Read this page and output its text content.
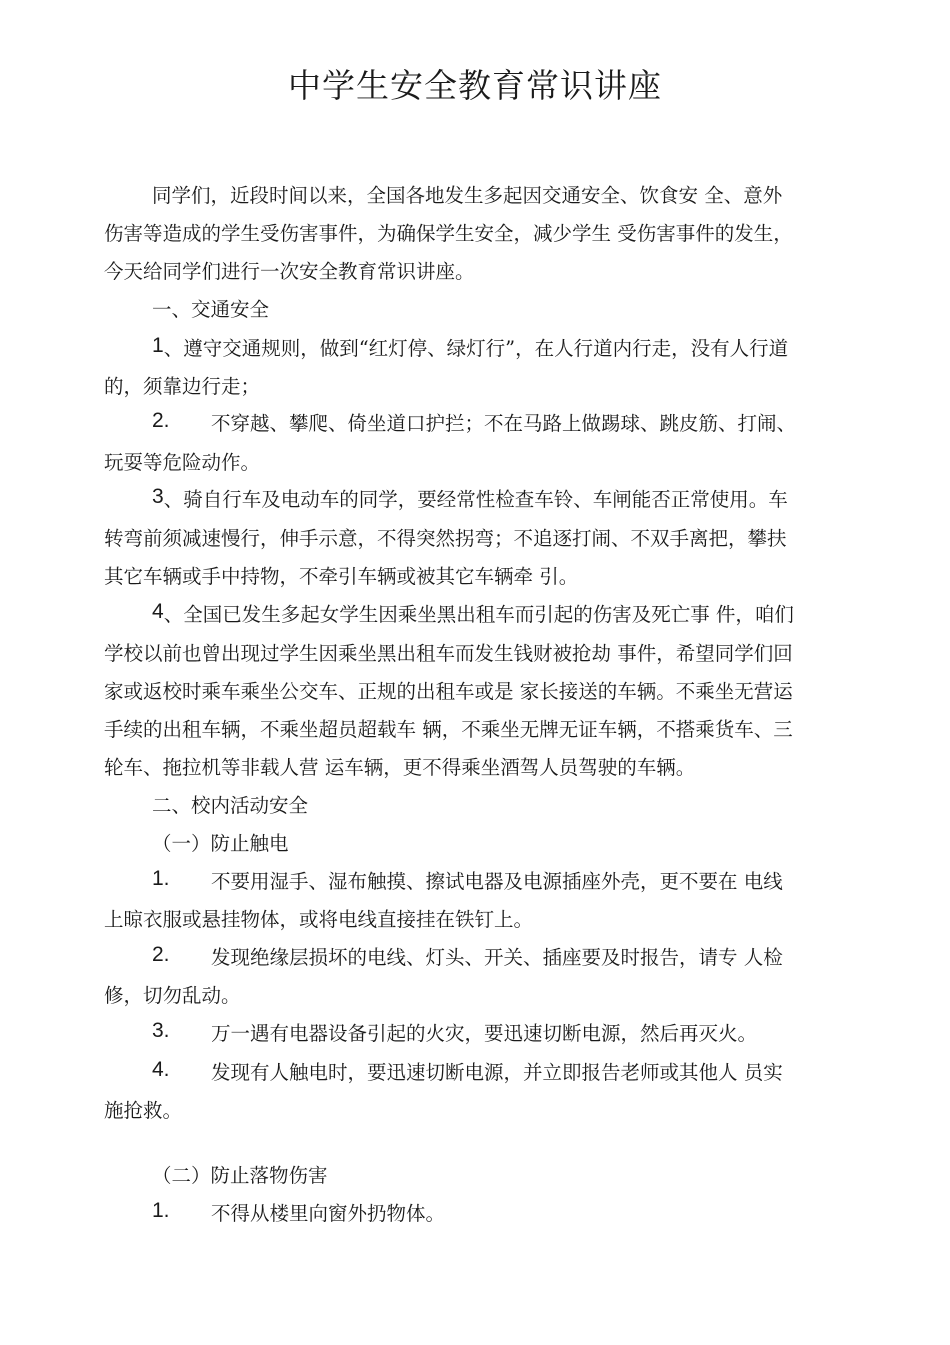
中学生安全教育常识讲座
同学们，近段时间以来，全国各地发生多起因交通安全、饮食安 全、意外
伤害等造成的学生受伤害事件，为确保学生安全，减少学生 受伤害事件的发生，
今天给同学们进行一次安全教育常识讲座。
一、交通安全
1、遵守交通规则，做到“红灯停、绿灯行”，在人行道内行走，没有人行道
的，须靠边行走；
2. 不穿越、攀爬、倚坐道口护拦；不在马路上做踢球、跳皮筋、打闹、
玩耍等危险动作。
3、骑自行车及电动车的同学，要经常性检查车铃、车闸能否正常使用。车
转弯前须减速慢行，伸手示意，不得突然拐弯；不追逐打闹、不双手离把，攀扶
其它车辆或手中持物，不牵引车辆或被其它车辆牵 引。
4、全国已发生多起女学生因乘坐黑出租车而引起的伤害及死亡事 件，咱们
学校以前也曾出现过学生因乘坐黑出租车而发生钱财被抢劫 事件，希望同学们回
家或返校时乘车乘坐公交车、正规的出租车或是 家长接送的车辆。不乘坐无营运
手续的出租车辆，不乘坐超员超载车 辆，不乘坐无牌无证车辆，不搭乘货车、三
轮车、拖拉机等非载人营 运车辆，更不得乘坐酒驾人员驾驶的车辆。
二、校内活动安全
（一）防止触电
1. 不要用湿手、湿布触摸、擦试电器及电源插座外壳，更不要在 电线
上晾衣服或悬挂物体，或将电线直接挂在铁钉上。
2. 发现绝缘层损坏的电线、灯头、开关、插座要及时报告，请专 人检
修，切勿乱动。
3. 万一遇有电器设备引起的火灾，要迅速切断电源，然后再灭火。
4. 发现有人触电时，要迅速切断电源，并立即报告老师或其他人 员实
施抢救。
（二）防止落物伤害
1. 不得从楼里向窗外扔物体。
